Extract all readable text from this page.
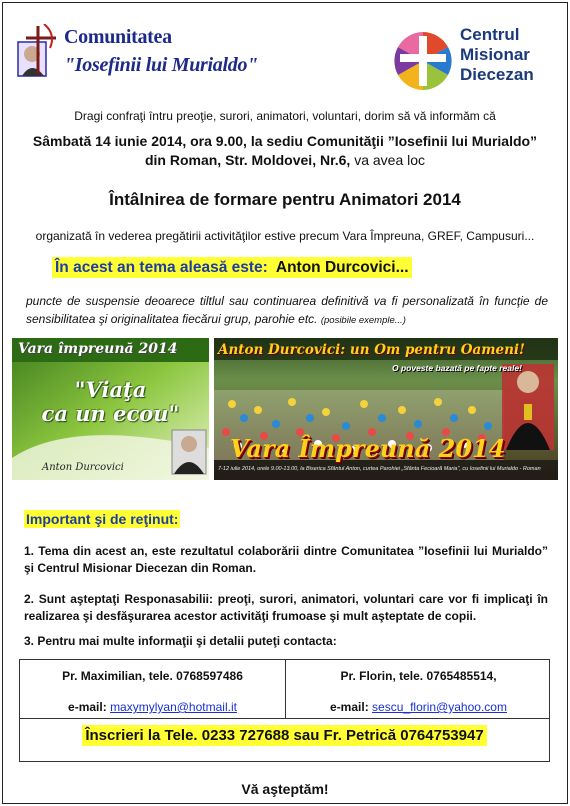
Comunitatea
"Iosefinii lui Murialdo"
Centrul
Misionar
Diecezan
Dragi confraţi întru preoţie, surori, animatori, voluntari, dorim să vă informăm că
Sâmbată 14 iunie 2014, ora 9.00, la sediu Comunităţii ”Iosefinii lui Murialdo”
din Roman, Str. Moldovei, Nr.6, va avea loc
Întâlnirea de formare pentru Animatori 2014
organizată în vederea pregătirii activităţilor estive precum Vara Împreuna, GREF, Campusuri...
În acest an tema aleasă este: Anton Durcovici...
puncte de suspensie deoarece tiltlul sau continuarea definitivă va fi personalizată în funcţie de sensibilitatea şi originalitatea fiecărui grup, parohie etc. (posibile exemple...)
Vara împreună 2014
"Viaţa
ca un ecou"
Anton Durcovici
Anton Durcovici: un Om pentru Oameni!
O poveste bazată pe fapte reale!
Vara Împreună 2014
7-12 iulie 2014, orele 9.00-13.00, la Biserica Sfântul Anton, curtea Parohiei „Sfânta Fecioară Maria”, cu Iosefinii lui Murialdo - Roman
Important şi de reţinut:
1. Tema din acest an, este rezultatul colaborării dintre Comunitatea ”Iosefinii lui Murialdo” şi Centrul Misionar Diecezan din Roman.
2. Sunt aşteptaţi Responasabilii: preoţi, surori, animatori, voluntari care vor fi implicaţi în realizarea şi desfăşurarea acestor activităţi frumoase şi mult aşteptate de copii.
3. Pentru mai multe informaţii şi detalii puteţi contacta:
Pr. Maximilian, tele. 0768597486
e-mail: maxymylyan@hotmail.it
Pr. Florin, tele. 0765485514,
e-mail: sescu_florin@yahoo.com
Înscrieri la Tele. 0233 727688 sau Fr. Petrică 0764753947
Vă aşteptăm!
